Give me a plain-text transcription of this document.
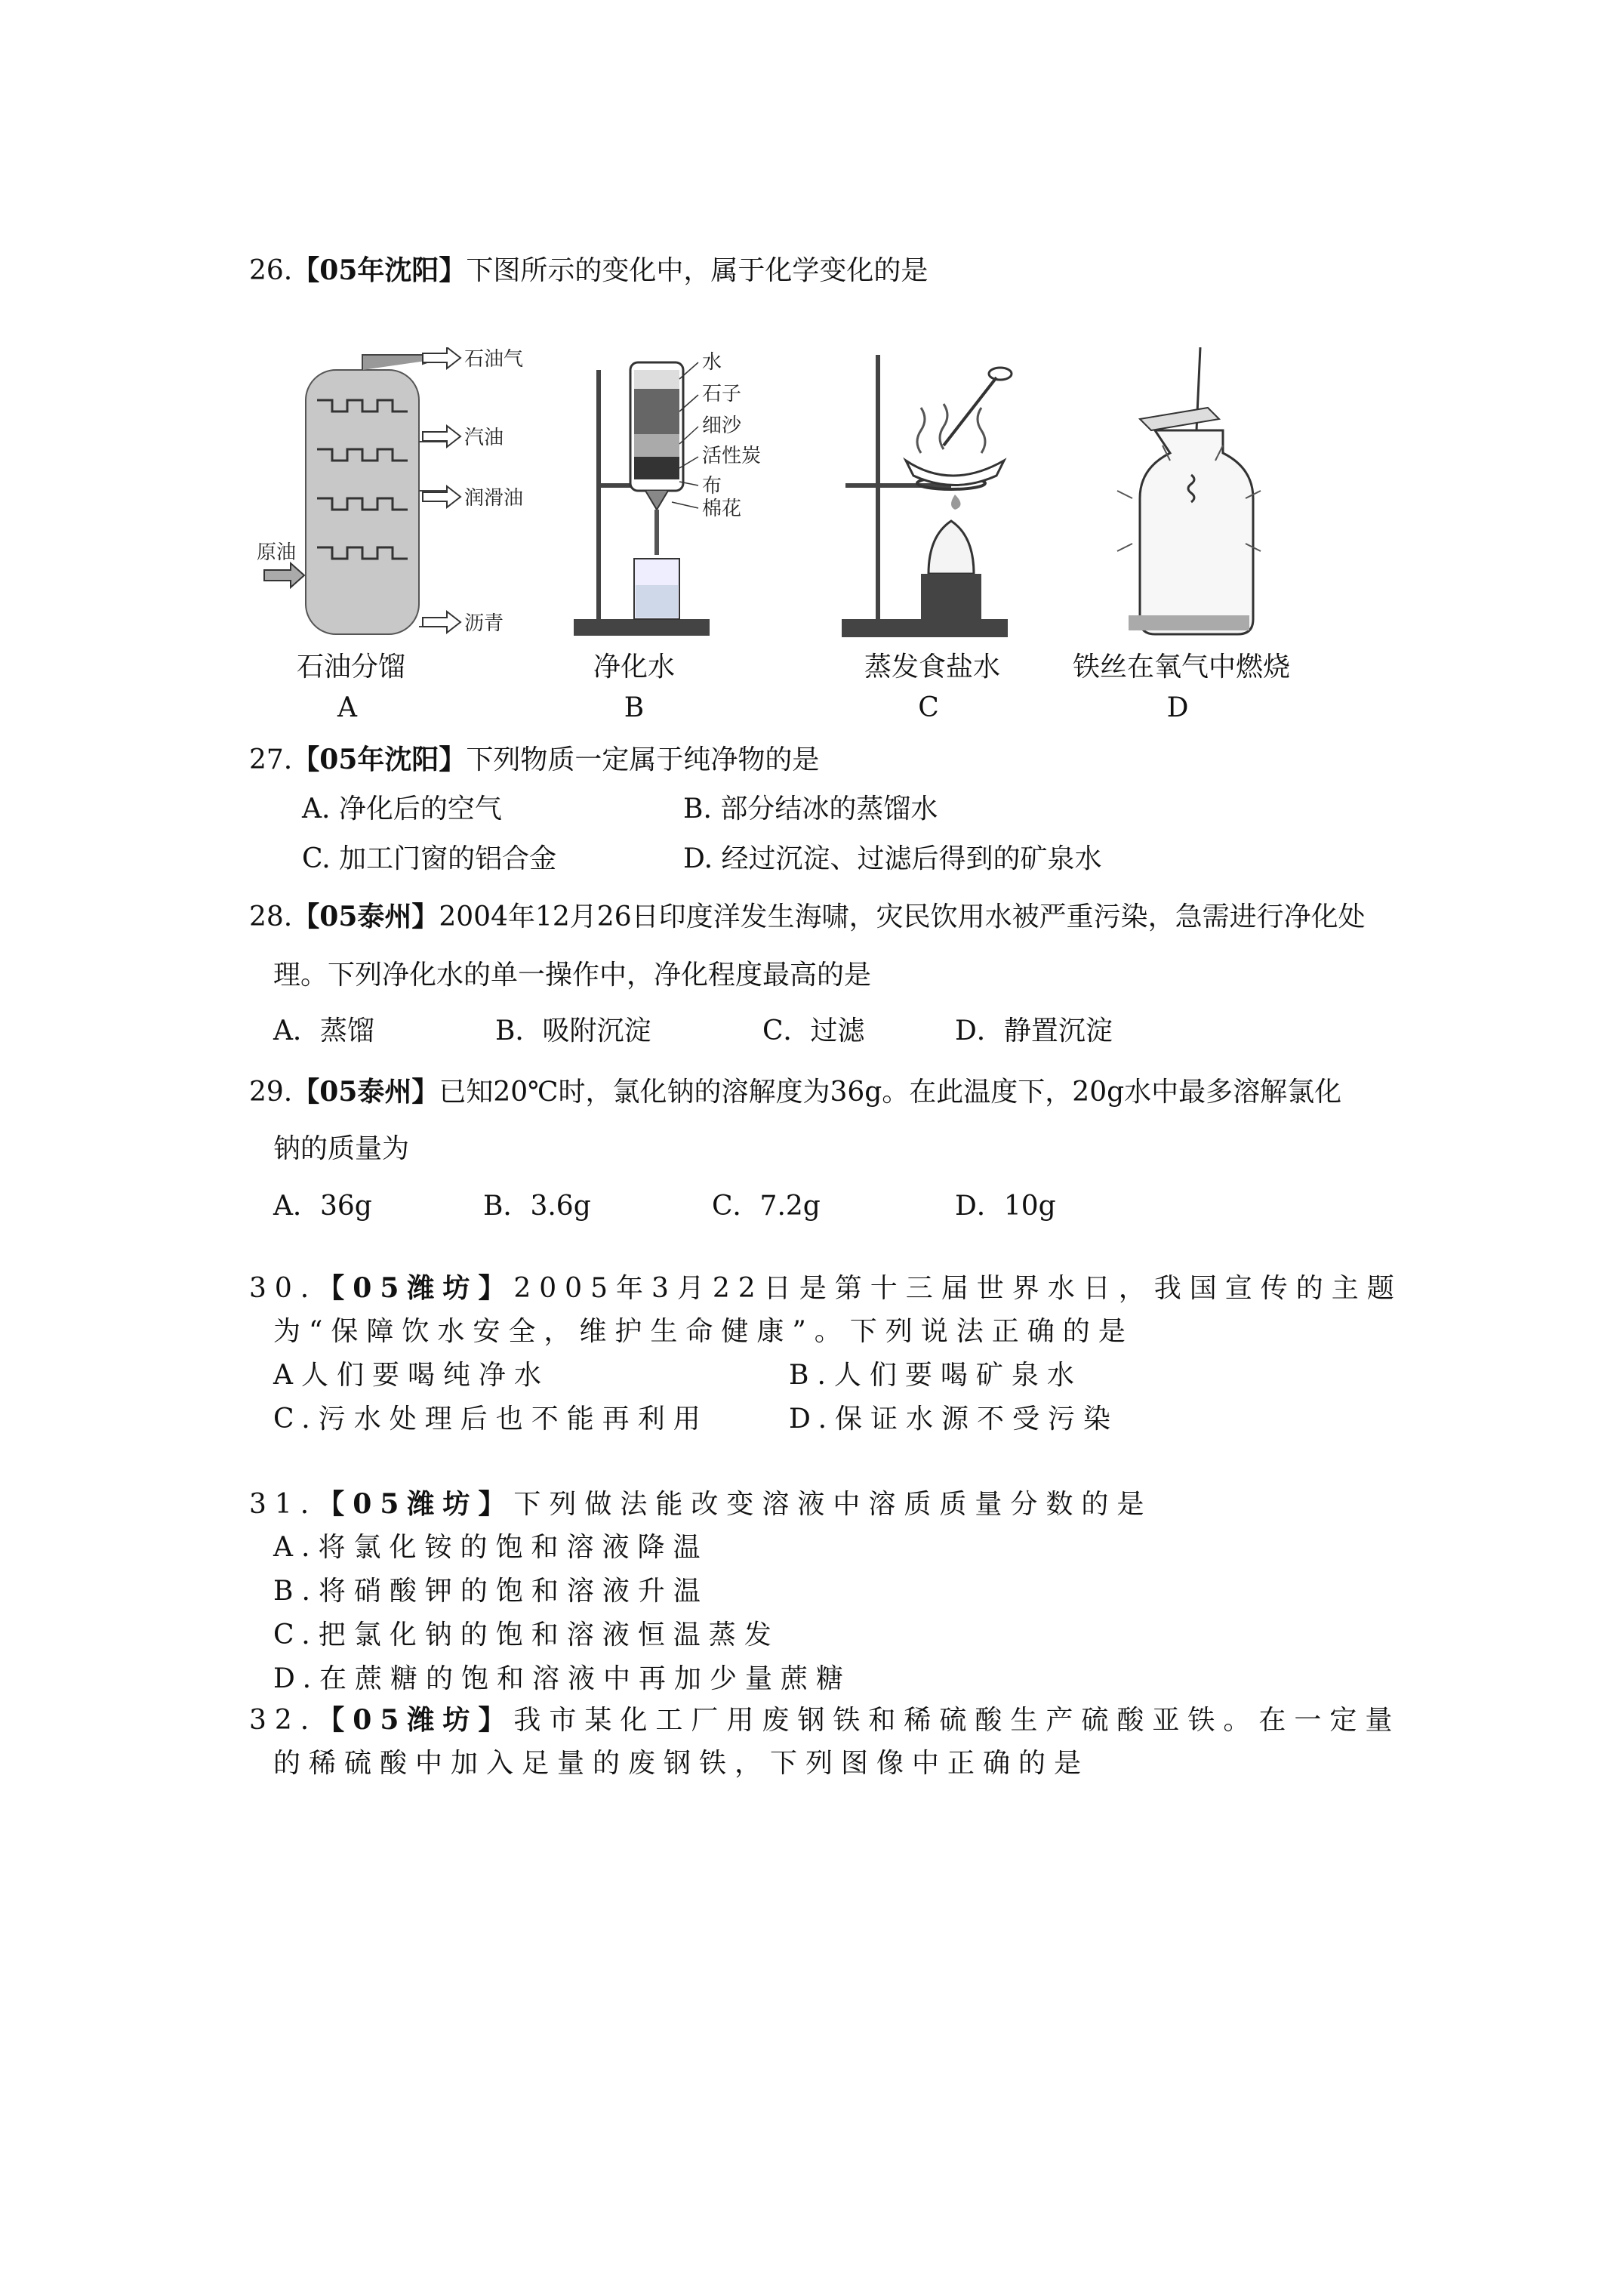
26.【05年沈阳】下图所示的变化中，属于化学变化的是
石油气
汽油
润滑油
沥青
原油
石油分馏
A
水
石子
细沙
活性炭
布
棉花
净化水
B
蒸发食盐水
C
铁丝在氧气中燃烧
D
27.【05年沈阳】下列物质一定属于纯净物的是
A. 净化后的空气	B. 部分结冰的蒸馏水
C. 加工门窗的铝合金	D. 经过沉淀、过滤后得到的矿泉水
28.【05泰州】2004年12月26日印度洋发生海啸，灾民饮用水被严重污染，急需进行净化处
理。下列净化水的单一操作中，净化程度最高的是
A．蒸馏	B．吸附沉淀	C．过滤	D．静置沉淀
29.【05泰州】已知20℃时，氯化钠的溶解度为36g。在此温度下，20g水中最多溶解氯化
钠的质量为
A．36g	B．3.6g	C．7.2g	D．10g
30.【05潍坊】2005年3月22日是第十三届世界水日，我国宣传的主题
为“保障饮水安全，维护生命健康”。下列说法正确的是
A人们要喝纯净水	B.人们要喝矿泉水
C.污水处理后也不能再利用	D.保证水源不受污染
31.【05潍坊】下列做法能改变溶液中溶质质量分数的是
A.将氯化铵的饱和溶液降温
B.将硝酸钾的饱和溶液升温
C.把氯化钠的饱和溶液恒温蒸发
D.在蔗糖的饱和溶液中再加少量蔗糖
32.【05潍坊】我市某化工厂用废钢铁和稀硫酸生产硫酸亚铁。在一定量
的稀硫酸中加入足量的废钢铁，下列图像中正确的是
